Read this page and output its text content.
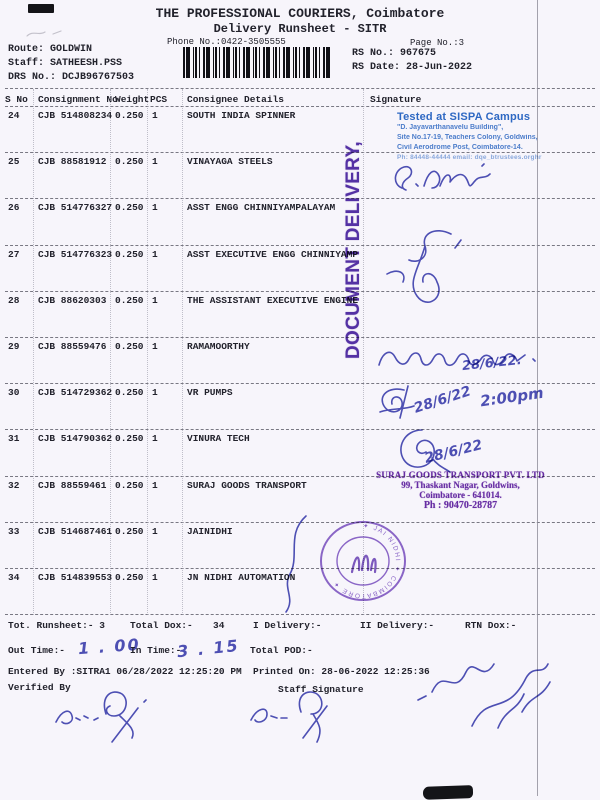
THE PROFESSIONAL COURIERS, Coimbatore
Delivery Runsheet - SITR
Phone No.:0422-3505555	Page No.:3
Route: GOLDWIN
Staff: SATHEESH.PSS
DRS No.: DCJB96767503
RS No.: 967675
RS Date: 28-Jun-2022
S No Consignment No
Weight PCS Consignee Details	Signature
24 CJB 514808234 0.250 1	SOUTH INDIA SPINNER
25 CJB 88581912 0.250 1	VINAYAGA STEELS
26 CJB 514776327 0.250 1	ASST ENGG CHINNIYAMPALAYAM
27 CJB 514776323 0.250 1	ASST EXECUTIVE ENGG CHINNIYAMP
28 CJB 88620303 0.250 1	THE ASSISTANT EXECUTIVE ENGINE
29 CJB 88559476 0.250 1	RAMAMOORTHY
30 CJB 514729362 0.250 1	VR PUMPS
31 CJB 514790362 0.250 1	VINURA TECH
32 CJB 88559461 0.250 1	SURAJ GOODS TRANSPORT
33 CJB 514687461 0.250 1	JAINIDHI
34 CJB 514839553 0.250 1	JN NIDHI AUTOMATION
Tested at SISPA Campus
"D. Jayavarthanavelu Building",
Site No.17-19, Teachers Colony, Goldwins,
Civil Aerodrome Post, Coimbatore-14.
Ph: 84448-44444 email: dqe_btrustees.orghr
DOCUMENT DELIVERY,
SURAJ GOODS TRANSPORT PVT. LTD
99, Thaskant Nagar, Goldwins,
Coimbatore - 641014.
Ph : 90470-28787
✦ JAI NIDHI ✦ COIMBATORE ✦
28/6/22.
28/6/22 2:00pm
28/6/22
Tot. Runsheet:- 3	Total Dox:- 34	I Delivery:-	II Delivery:-	RTN Dox:-
Out Time:- 1 . 00
In Time:-
3 . 15 Total POD:-
Entered By :SITRA1 06/28/2022 12:25:20 PM Printed On: 28-06-2022 12:25:36
Verified By	Staff Signature
